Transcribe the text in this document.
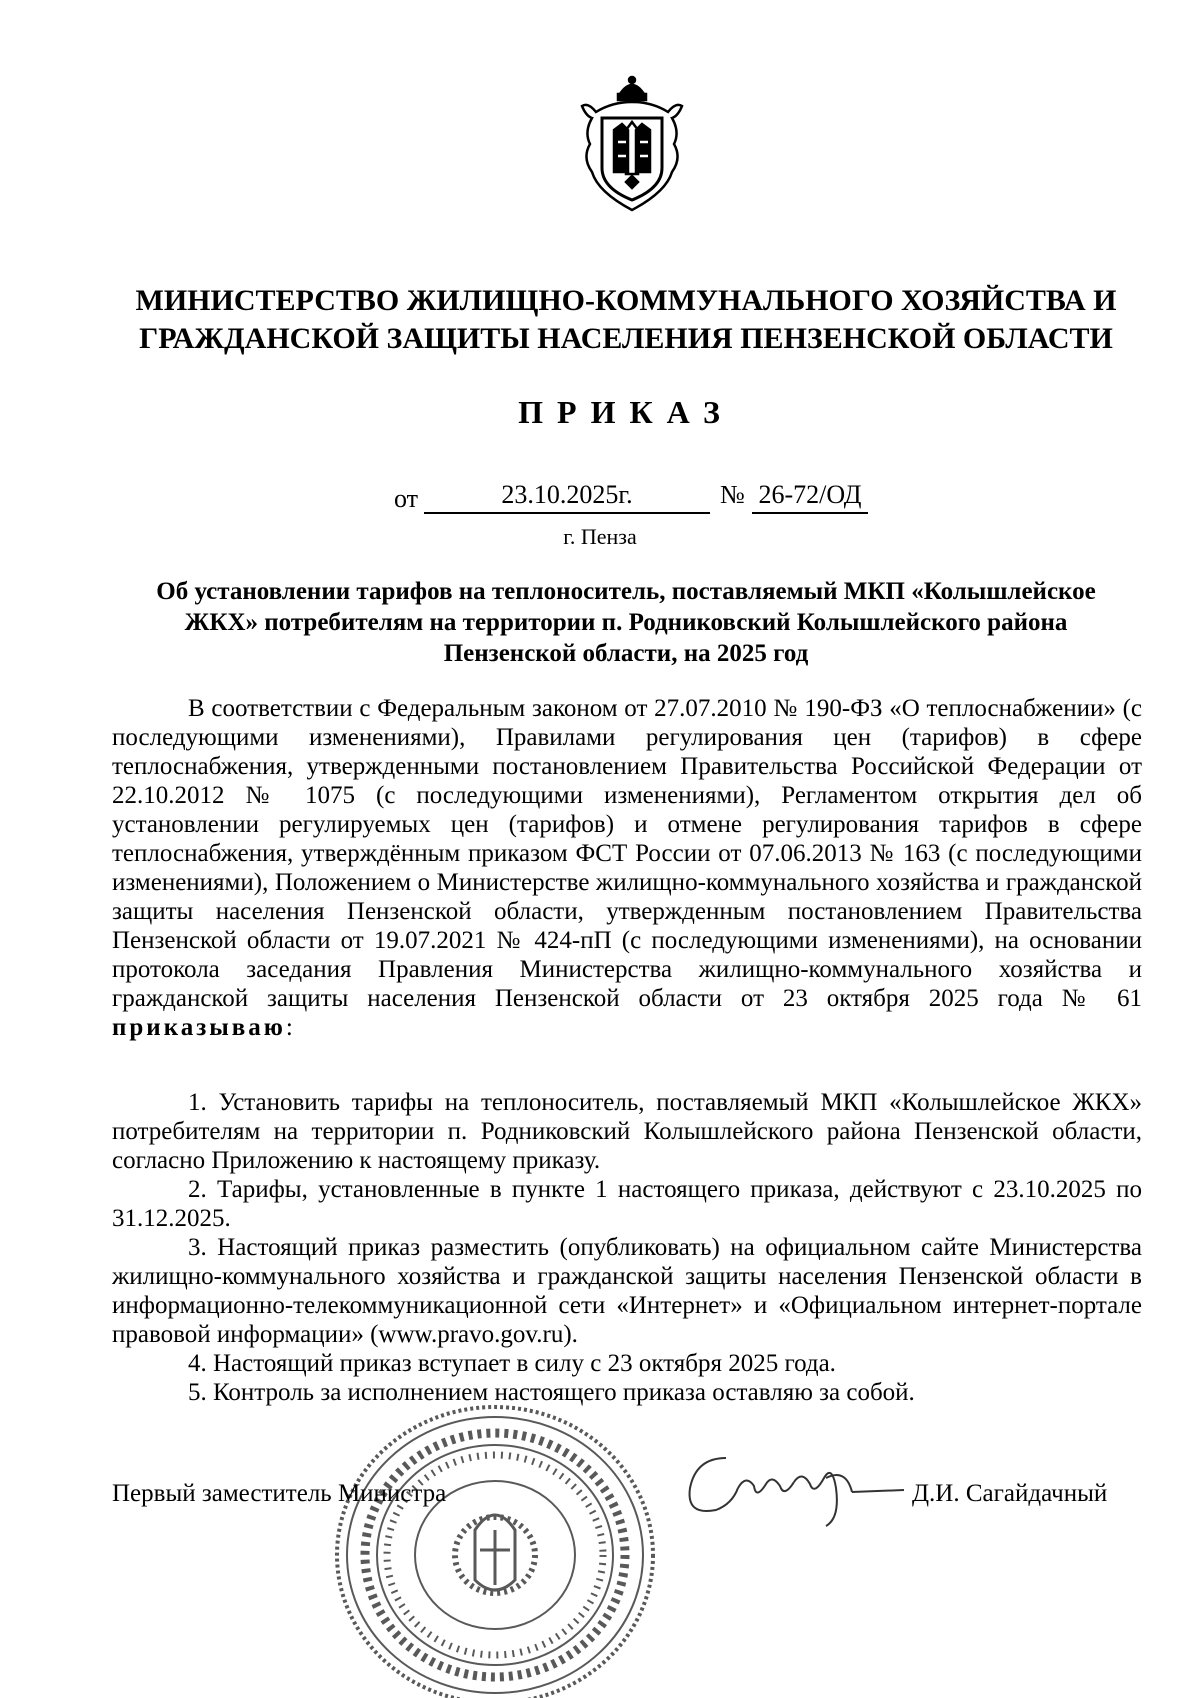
МИНИСТЕРСТВО ЖИЛИЩНО-КОММУНАЛЬНОГО ХОЗЯЙСТВА И
ГРАЖДАНСКОЙ ЗАЩИТЫ НАСЕЛЕНИЯ ПЕНЗЕНСКОЙ ОБЛАСТИ
ПРИКАЗ
от	23.10.2025г.	№ 26-72/ОД
г. Пенза
Об установлении тарифов на теплоноситель, поставляемый МКП «Колышлейское
ЖКХ» потребителям на территории п. Родниковский Колышлейского района
Пензенской области, на 2025 год

В соответствии с Федеральным законом от 27.07.2010 № 190-ФЗ «О теплоснабжении» (с последующими изменениями), Правилами регулирования цен (тарифов) в сфере теплоснабжения, утвержденными постановлением Правительства Российской Федерации от 22.10.2012 № 1075 (с последующими изменениями), Регламентом открытия дел об установлении регулируемых цен (тарифов) и отмене регулирования тарифов в сфере теплоснабжения, утверждённым приказом ФСТ России от 07.06.2013 № 163 (с последующими изменениями), Положением о Министерстве жилищно-коммунального хозяйства и гражданской защиты населения Пензенской области, утвержденным постановлением Правительства Пензенской области от 19.07.2021 № 424-пП (с последующими изменениями), на основании протокола заседания Правления Министерства жилищно-коммунального хозяйства и гражданской защиты населения Пензенской области от 23 октября 2025 года № 61 приказываю:

1. Установить тарифы на теплоноситель, поставляемый МКП «Колышлейское ЖКХ» потребителям на территории п. Родниковский Колышлейского района Пензенской области, согласно Приложению к настоящему приказу.

2. Тарифы, установленные в пункте 1 настоящего приказа, действуют с 23.10.2025 по 31.12.2025.

3. Настоящий приказ разместить (опубликовать) на официальном сайте Министерства жилищно-коммунального хозяйства и гражданской защиты населения Пензенской области в информационно-телекоммуникационной сети «Интернет» и «Официальном интернет-портале правовой информации» (www.pravo.gov.ru).

4. Настоящий приказ вступает в силу с 23 октября 2025 года.

5. Контроль за исполнением настоящего приказа оставляю за собой.

Первый заместитель Министра	Д.И. Сагайдачный
